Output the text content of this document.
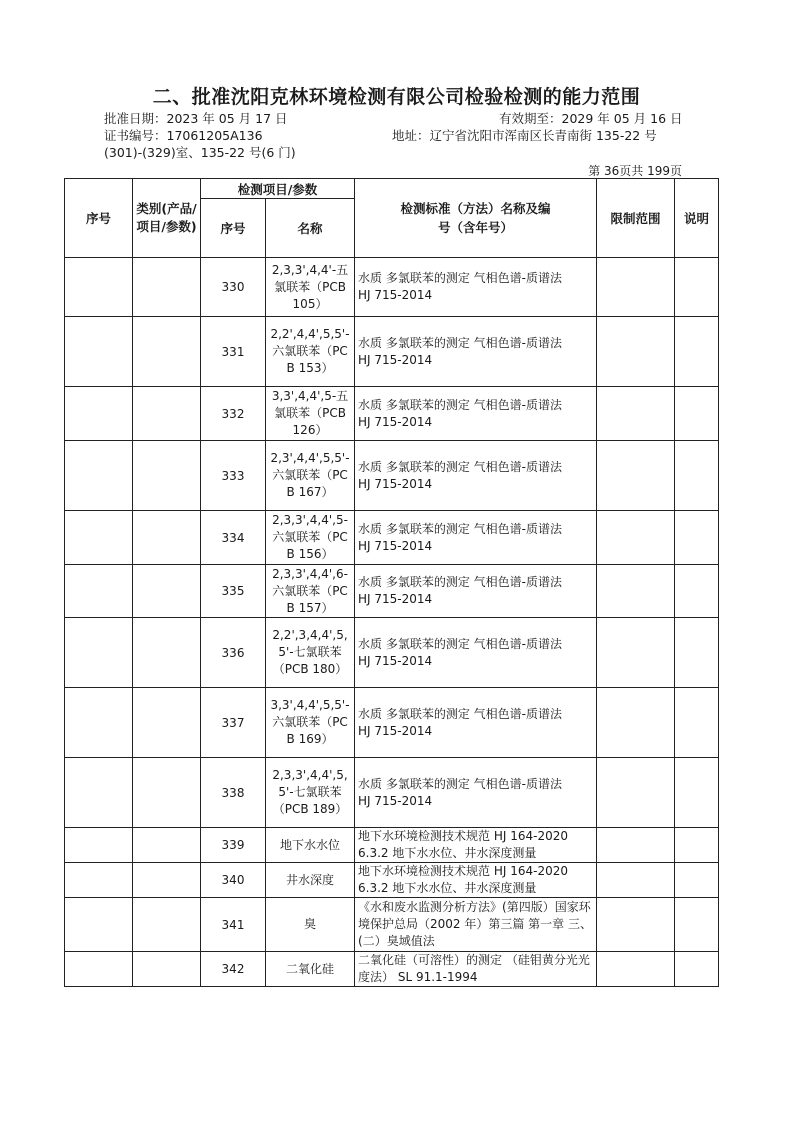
二、批准沈阳克林环境检测有限公司检验检测的能力范围
批准日期：2023 年 05 月 17 日	有效期至：2029 年 05 月 16 日
证书编号：17061205A136	地址：辽宁省沈阳市浑南区长青南街 135-22 号
(301)-(329)室、135-22 号(6 门)
第 36页共 199页
序号	类别(产品/项目/参数)	检测项目/参数		检测标准（方法）名称及编号（含年号）	限制范围	说明
		序号	名称			
		330	2,3,3',4,4'-五氯联苯（PCB 105）	水质 多氯联苯的测定 气相色谱-质谱法
HJ 715-2014		

		331	2,2',4,4',5,5'-六氯联苯（PCB 153）	水质 多氯联苯的测定 气相色谱-质谱法
HJ 715-2014		

		332	3,3',4,4',5-五氯联苯（PCB 126）	水质 多氯联苯的测定 气相色谱-质谱法
HJ 715-2014		

		333	2,3',4,4',5,5'-六氯联苯（PCB 167）	水质 多氯联苯的测定 气相色谱-质谱法
HJ 715-2014		

		334	2,3,3',4,4',5-六氯联苯（PCB 156）	水质 多氯联苯的测定 气相色谱-质谱法
HJ 715-2014		

		335	2,3,3',4,4',6-六氯联苯（PCB 157）	水质 多氯联苯的测定 气相色谱-质谱法
HJ 715-2014		

		336	2,2',3,4,4',5,5'-七氯联苯（PCB 180）	水质 多氯联苯的测定 气相色谱-质谱法
HJ 715-2014		

		337	3,3',4,4',5,5'-六氯联苯（PCB 169）	水质 多氯联苯的测定 气相色谱-质谱法
HJ 715-2014		

		338	2,3,3',4,4',5,5'-七氯联苯（PCB 189）	水质 多氯联苯的测定 气相色谱-质谱法
HJ 715-2014		

		339	地下水水位	地下水环境检测技术规范 HJ 164-2020
6.3.2 地下水水位、井水深度测量		

		340	井水深度	地下水环境检测技术规范 HJ 164-2020
6.3.2 地下水水位、井水深度测量		

		341	臭	《水和废水监测分析方法》(第四版）国家环境保护总局（2002 年）第三篇 第一章 三、(二）臭域值法		

		342	二氧化硅	二氧化硅（可溶性）的测定 （硅钼黄分光光度法） SL 91.1-1994		
